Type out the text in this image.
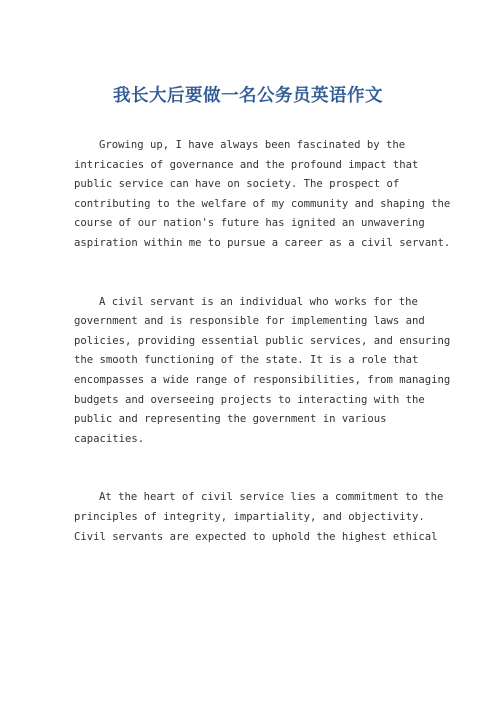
我长大后要做一名公务员英语作文

Growing up, I have always been fascinated by the
intricacies of governance and the profound impact that
public service can have on society. The prospect of
contributing to the welfare of my community and shaping the
course of our nation's future has ignited an unwavering
aspiration within me to pursue a career as a civil servant.

A civil servant is an individual who works for the
government and is responsible for implementing laws and
policies, providing essential public services, and ensuring
the smooth functioning of the state. It is a role that
encompasses a wide range of responsibilities, from managing
budgets and overseeing projects to interacting with the
public and representing the government in various
capacities.

At the heart of civil service lies a commitment to the
principles of integrity, impartiality, and objectivity.
Civil servants are expected to uphold the highest ethical
